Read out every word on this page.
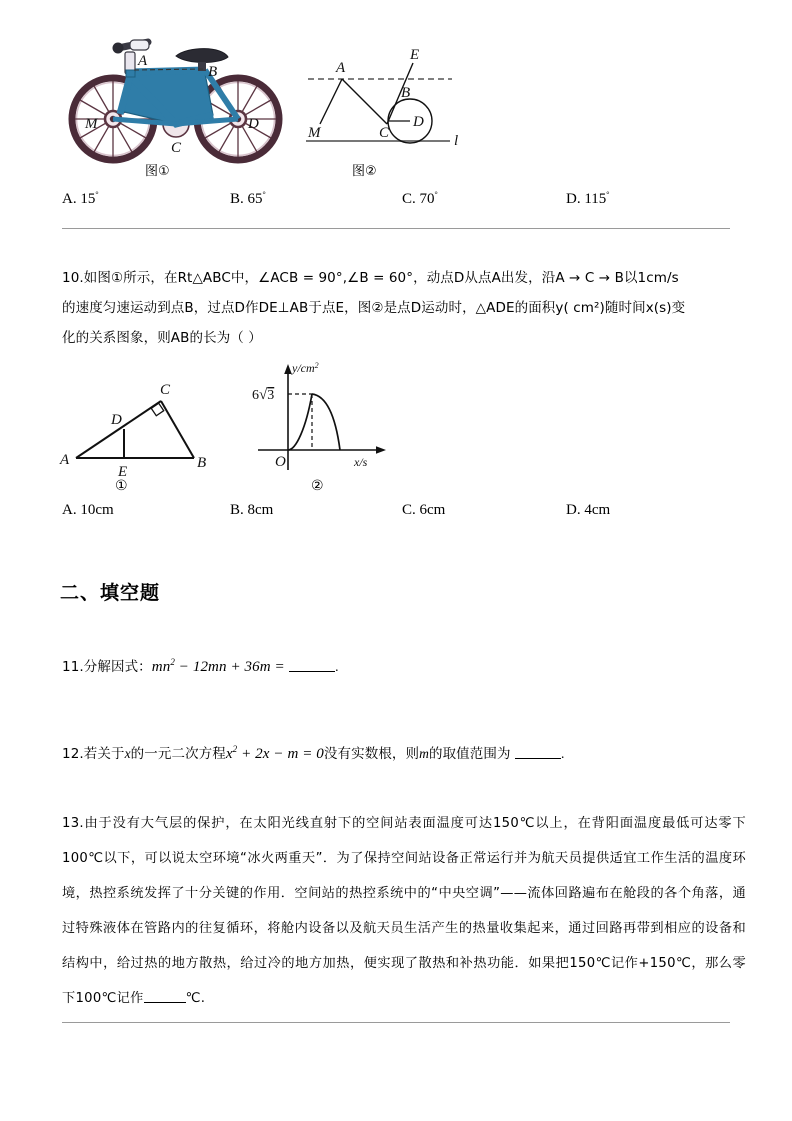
A
B
C
M	D
A
B
C
D
E
M	l
图①	图②
A. 15°	B. 65°	C. 70°	D. 115°
10.如图①所示，在Rt△ABC中，∠ACB = 90°,∠B = 60°，动点D从点A出发，沿A → C → B以1cm/s
的速度匀速运动到点B，过点D作DE⊥AB于点E，图②是点D运动时，△ADE的面积y( cm²)随时间x(s)变
化的关系图象，则AB的长为（ ）
A	B
C
D
E
①
$y/cm^2$
x/s
O
6√3
②
A. 10cm	B. 8cm	C. 6cm	D. 4cm
二、填空题
11.分解因式：$mn^2 - 12mn + 36m$ =	.
12.若关于x的一元二次方程$x^2 + 2x - m = 0$没有实数根，则m的取值范围为	.
13.由于没有大气层的保护，在太阳光线直射下的空间站表面温度可达150℃以上，在背阳面温度最低可达零下100℃以下，可以说太空环境“冰火两重天”．为了保持空间站设备正常运行并为航天员提供适宜工作生活的温度环境，热控系统发挥了十分关键的作用．空间站的热控系统中的“中央空调”——流体回路遍布在舱段的各个角落，通过特殊液体在管路内的往复循环，将舱内设备以及航天员生活产生的热量收集起来，通过回路再带到相应的设备和结构中，给过热的地方散热，给过冷的地方加热，便实现了散热和补热功能．如果把150℃记作+150℃，那么零下100℃记作	℃.
